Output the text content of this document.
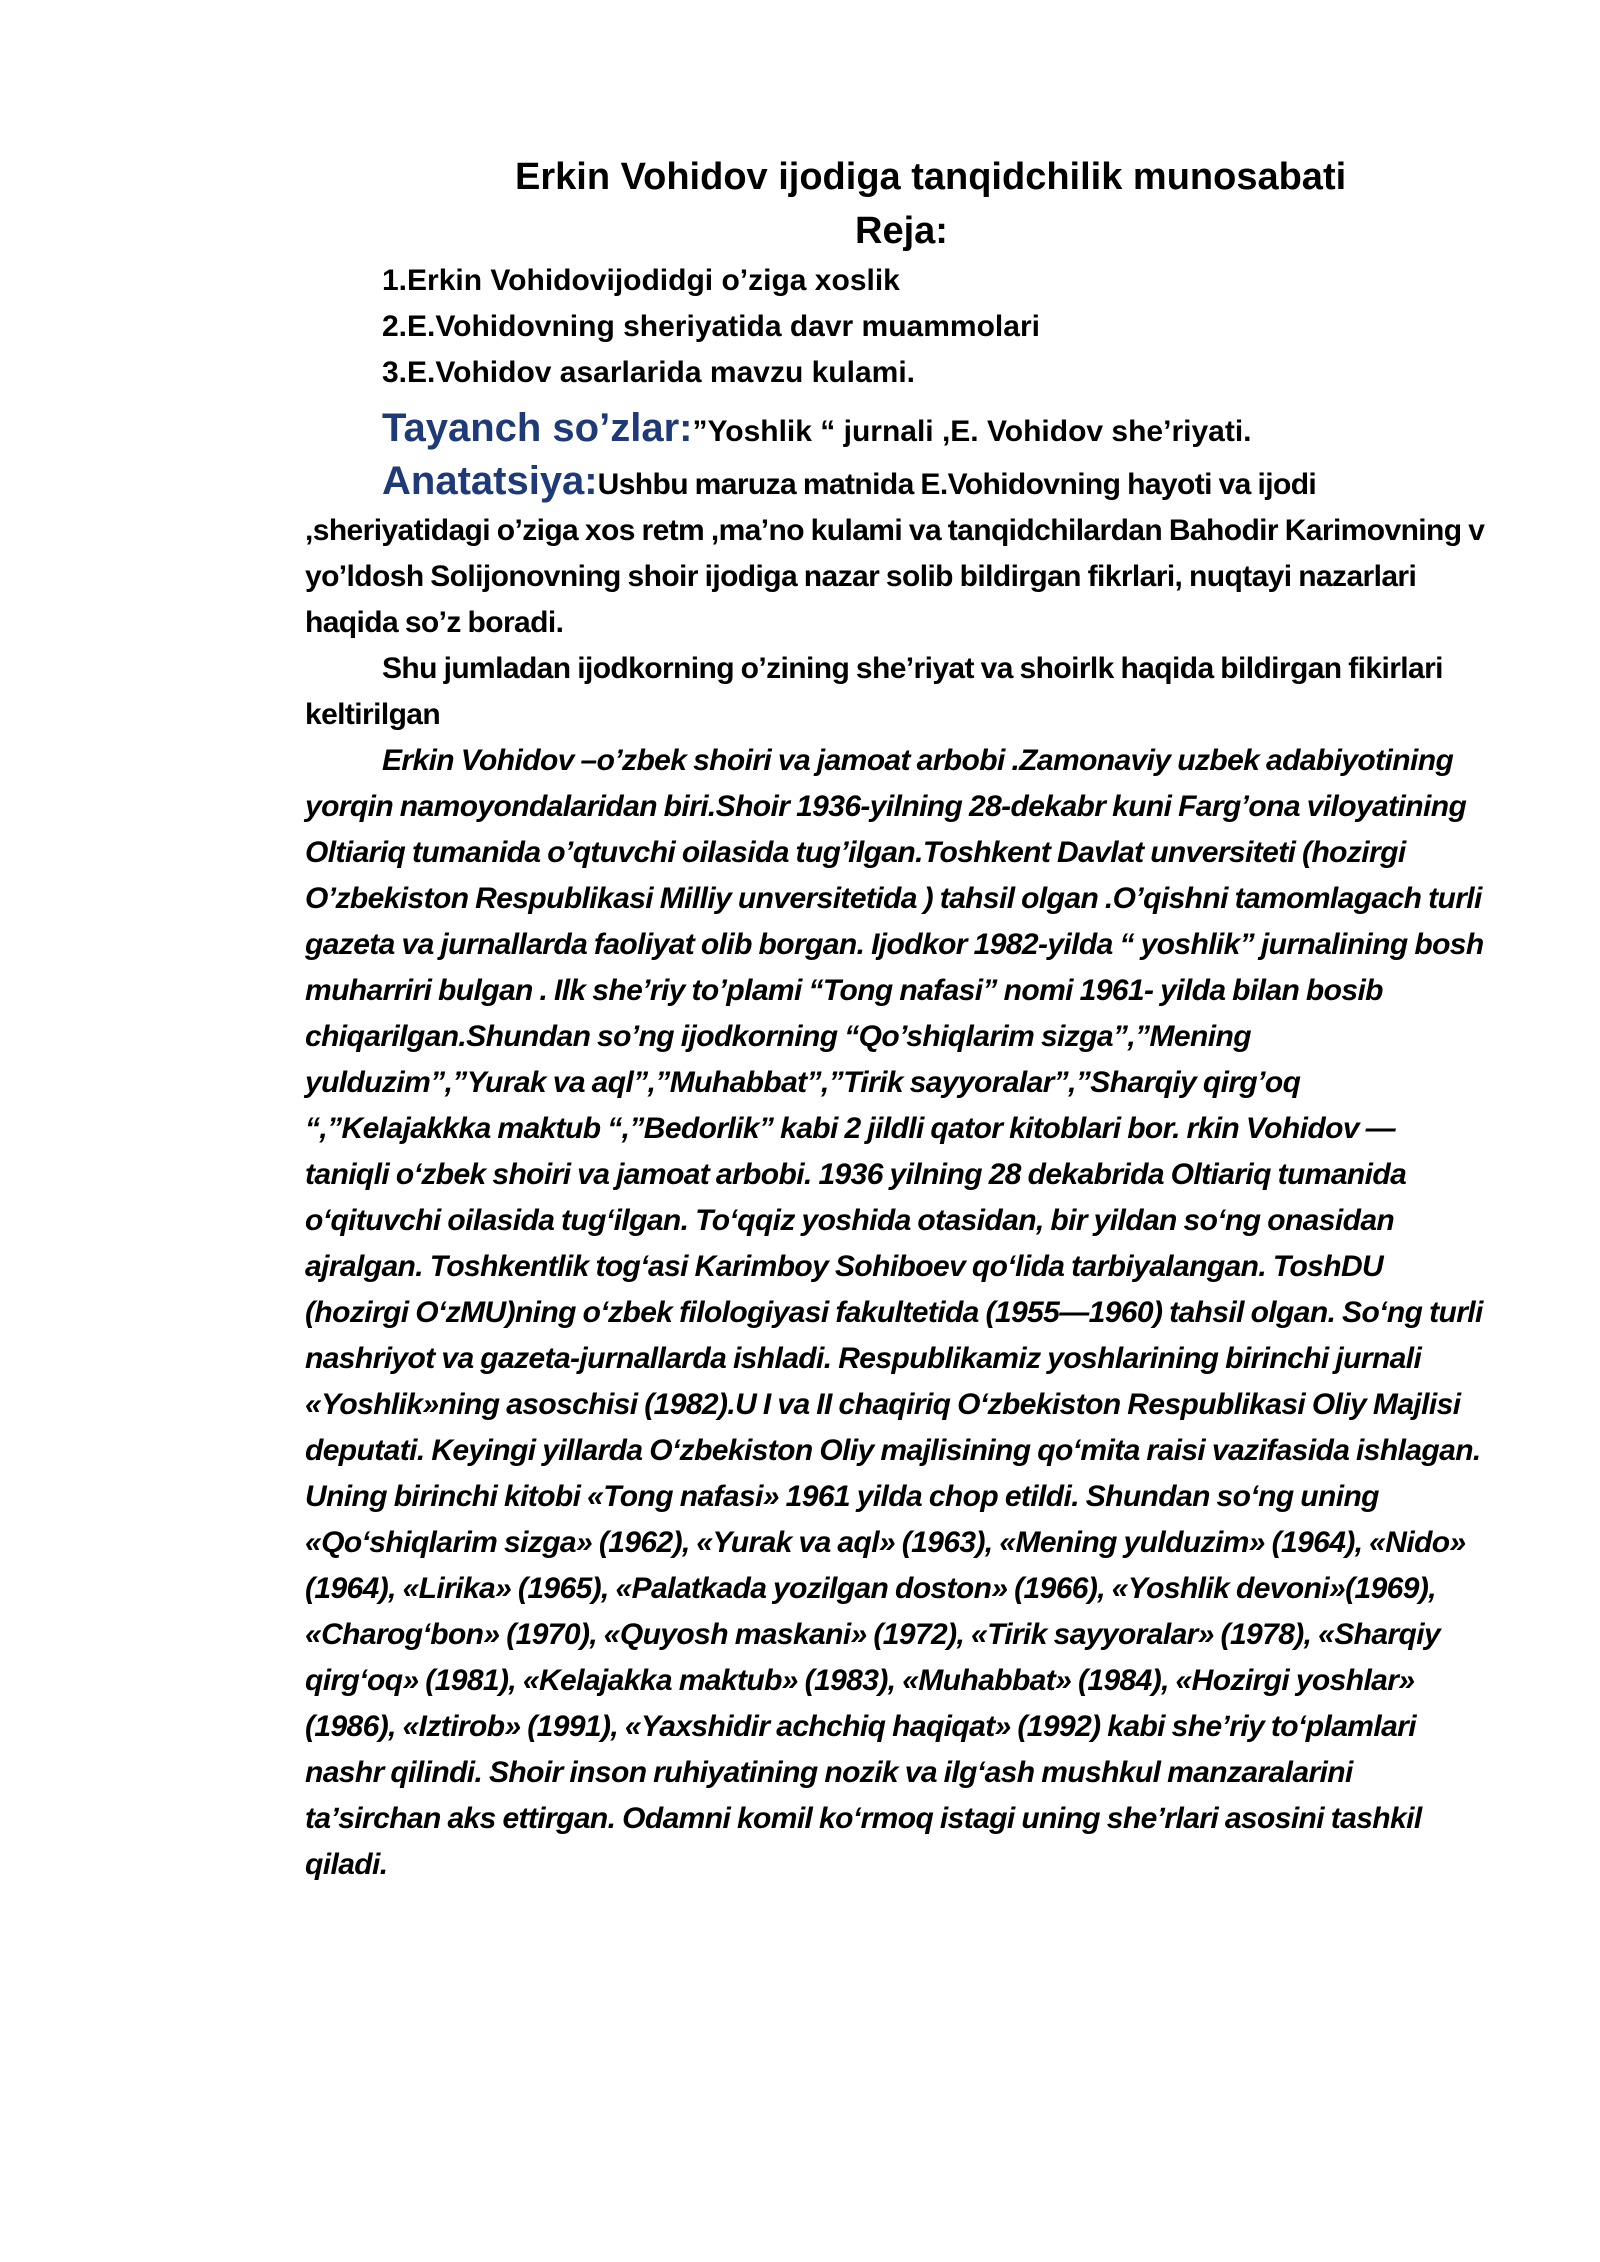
Erkin Vohidov ijodiga tanqidchilik munosabati
Reja:
1.Erkin Vohidovijodidgi o’ziga xoslik
2.E.Vohidovning sheriyatida davr muammolari
3.E.Vohidov asarlarida mavzu kulami.

Tayanch so’zlar:”Yoshlik “ jurnali ,E. Vohidov she’riyati.

Anatatsiya:Ushbu maruza matnida E.Vohidovning hayoti va ijodi ,sheriyatidagi o’ziga xos retm ,ma’no kulami va tanqidchilardan Bahodir Karimovning v yo’ldosh Solijonovning shoir ijodiga nazar solib bildirgan fikrlari, nuqtayi nazarlari haqida so’z boradi.

Shu jumladan ijodkorning o’zining she’riyat va shoirlk haqida bildirgan fikirlari keltirilgan

Erkin Vohidov –o’zbek shoiri va jamoat arbobi .Zamonaviy uzbek adabiyotining yorqin namoyondalaridan biri.Shoir 1936-yilning 28-dekabr kuni Farg’ona viloyatining Oltiariq tumanida o’qtuvchi oilasida tug’ilgan.Toshkent Davlat unversiteti (hozirgi O’zbekiston Respublikasi Milliy unversitetida ) tahsil olgan .O’qishni tamomlagach turli gazeta va jurnallarda faoliyat olib borgan. Ijodkor 1982-yilda “ yoshlik” jurnalining bosh muharriri bulgan . Ilk she’riy to’plami “Tong nafasi” nomi 1961- yilda bilan bosib chiqarilgan.Shundan so’ng ijodkorning “Qo’shiqlarim sizga”,”Mening yulduzim”,”Yurak va aql”,”Muhabbat”,”Tirik sayyoralar”,”Sharqiy qirg’oq “,”Kelajakkka maktub “,”Bedorlik” kabi 2 jildli qator kitoblari bor. rkin Vohidov — taniqli oʻzbek shoiri va jamoat arbobi. 1936 yilning 28 dekabrida Oltiariq tumanida oʻqituvchi oilasida tugʻilgan. Toʻqqiz yoshida otasidan, bir yildan soʻng onasidan ajralgan. Toshkentlik togʻasi Karimboy Sohiboev qoʻlida tarbiyalangan. ToshDU (hozirgi OʻzMU)ning oʻzbek filologiyasi fakultetida (1955—1960) tahsil olgan. Soʻng turli nashriyot va gazeta-jurnallarda ishladi. Respublikamiz yoshlarining birinchi jurnali «Yoshlik»ning asoschisi (1982).U I va II chaqiriq Oʻzbekiston Respublikasi Oliy Majlisi deputati. Keyingi yillarda Oʻzbekiston Oliy majlisining qoʻmita raisi vazifasida ishlagan. Uning birinchi kitobi «Tong nafasi» 1961 yilda chop etildi. Shundan soʻng uning «Qoʻshiqlarim sizga» (1962), «Yurak va aql» (1963), «Mening yulduzim» (1964), «Nido» (1964), «Lirika» (1965), «Palatkada yozilgan doston» (1966), «Yoshlik devoni»(1969), «Charogʻbon» (1970), «Quyosh maskani» (1972), «Tirik sayyoralar» (1978), «Sharqiy qirgʻoq» (1981), «Kelajakka maktub» (1983), «Muhabbat» (1984), «Hozirgi yoshlar» (1986), «Iztirob» (1991), «Yaxshidir achchiq haqiqat» (1992) kabi sheʼriy toʻplamlari nashr qilindi. Shoir inson ruhiyatining nozik va ilgʻash mushkul manzaralarini taʼsirchan aks ettirgan. Odamni komil koʻrmoq istagi uning sheʼrlari asosini tashkil qiladi.
